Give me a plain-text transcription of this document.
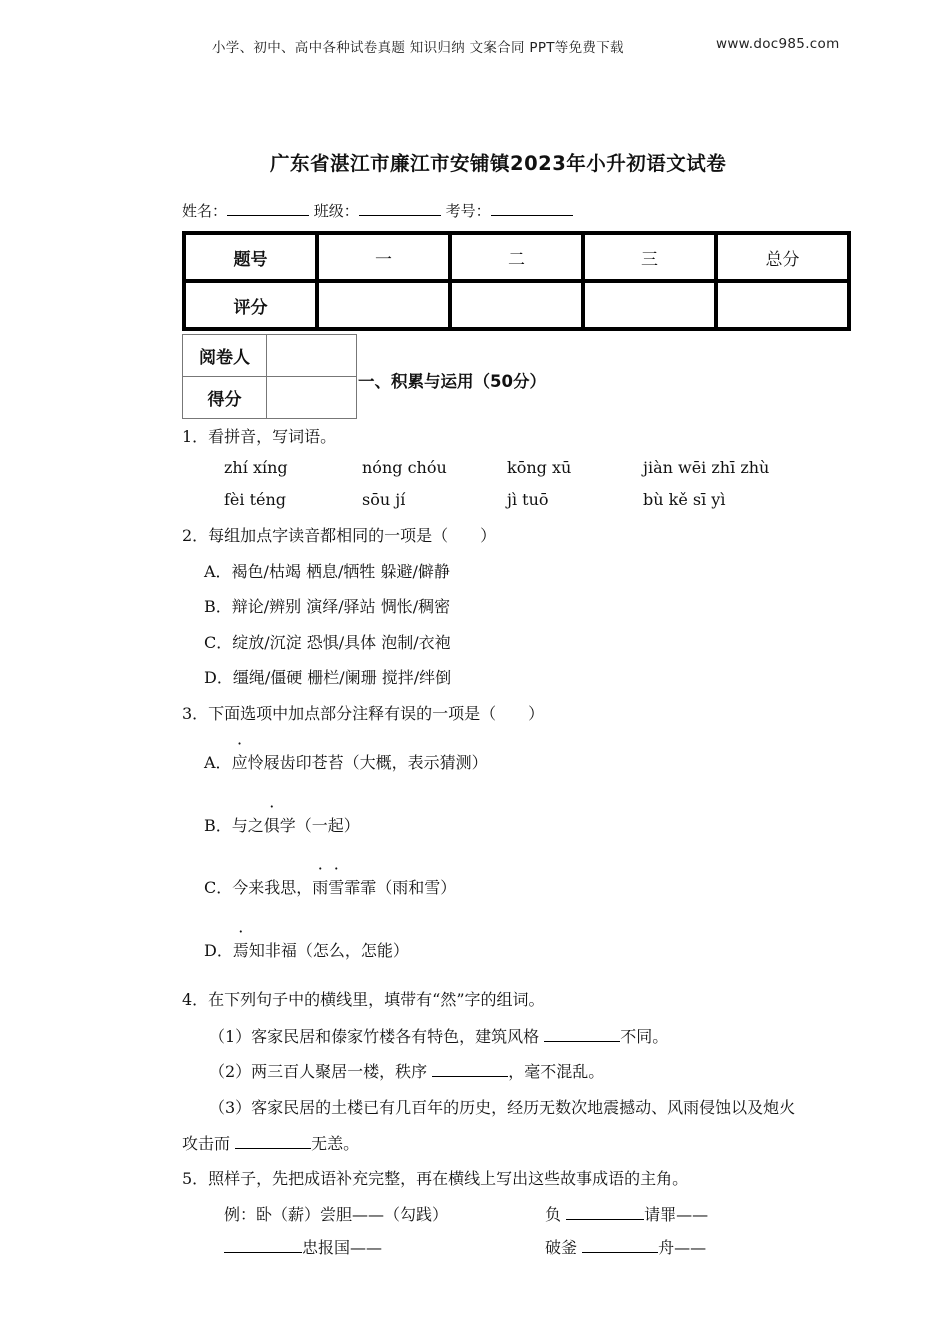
小学、初中、高中各种试卷真题 知识归纳 文案合同 PPT等免费下载	www.doc985.com
广东省湛江市廉江市安铺镇2023年小升初语文试卷
姓名：	班级：	考号：
题号	一	二	三	总分
评分				
阅卷人	
得分	
一、积累与运用（50分）
1．看拼音，写词语。
zhí xíng	nóng chóu	kōng xū	jiàn wēi zhī zhù
fèi téng	sōu jí	jì tuō	bù kě sī yì
2．每组加点字读音都相同的一项是（　　）
A．褐色/枯竭 栖息/牺牲 躲避/僻静
B．辩论/辨别 演绎/驿站 惆怅/稠密
C．绽放/沉淀 恐惧/具体 泡制/衣袍
D．缰绳/僵硬 栅栏/阑珊 搅拌/绊倒
3．下面选项中加点部分注释有误的一项是（　　）
A．应怜屐齿印苍苔（大概，表示猜测）
B．与之俱学（一起）
C．今来我思，雨雪霏霏（雨和雪）
D．焉知非福（怎么，怎能）
4．在下列句子中的横线里，填带有“然”字的组词。
（1）客家民居和傣家竹楼各有特色，建筑风格	不同。
（2）两三百人聚居一楼，秩序	，毫不混乱。
（3）客家民居的土楼已有几百年的历史，经历无数次地震撼动、风雨侵蚀以及炮火
攻击而	无恙。
5．照样子，先把成语补充完整，再在横线上写出这些故事成语的主角。
例：卧（薪）尝胆——（勾践）	负	请罪——
忠报国——	破釜	舟——
